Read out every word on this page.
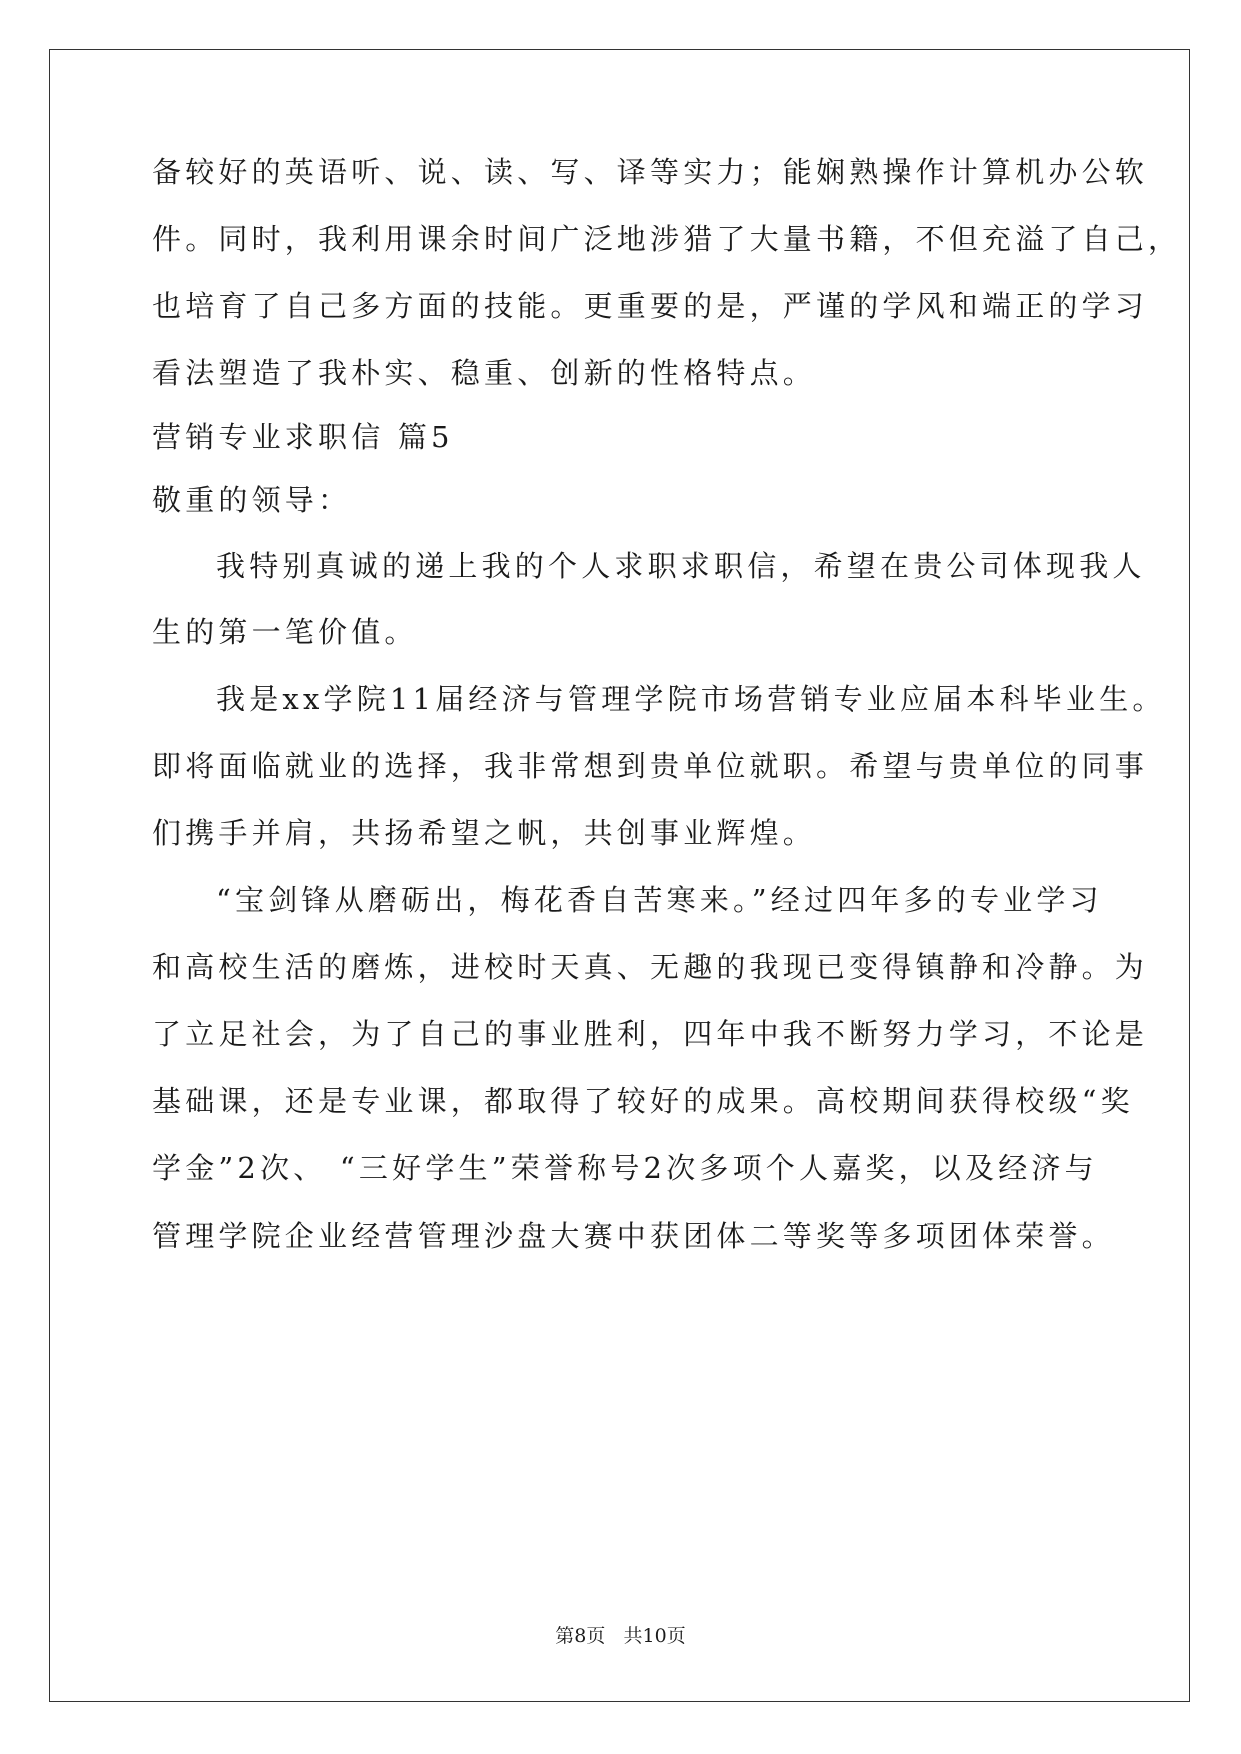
备较好的英语听、说、读、写、译等实力；能娴熟操作计算机办公软
件。同时，我利用课余时间广泛地涉猎了大量书籍，不但充溢了自己，
也培育了自己多方面的技能。更重要的是，严谨的学风和端正的学习
看法塑造了我朴实、稳重、创新的性格特点。
营销专业求职信 篇5
敬重的领导：
我特别真诚的递上我的个人求职求职信，希望在贵公司体现我人
生的第一笔价值。
我是xx学院11届经济与管理学院市场营销专业应届本科毕业生。
即将面临就业的选择，我非常想到贵单位就职。希望与贵单位的同事
们携手并肩，共扬希望之帆，共创事业辉煌。
“宝剑锋从磨砺出，梅花香自苦寒来。”经过四年多的专业学习
和高校生活的磨炼，进校时天真、无趣的我现已变得镇静和冷静。为
了立足社会，为了自己的事业胜利，四年中我不断努力学习，不论是
基础课，还是专业课，都取得了较好的成果。高校期间获得校级“奖
学金”2次、 “三好学生”荣誉称号2次多项个人嘉奖，以及经济与
管理学院企业经营管理沙盘大赛中获团体二等奖等多项团体荣誉。
第8页 共10页
